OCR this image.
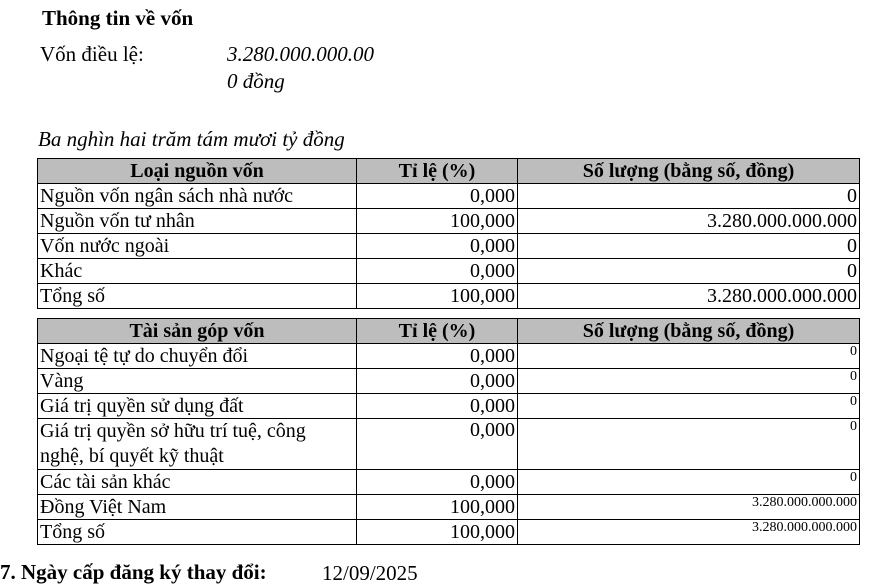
Thông tin về vốn
Vốn điều lệ:	3.280.000.000.00
0 đồng
Ba nghìn hai trăm tám mươi tỷ đồng
Loại nguồn vốn	Tỉ lệ (%)	Số lượng (bằng số, đồng)
Nguồn vốn ngân sách nhà nước	0,000	0
Nguồn vốn tư nhân	100,000	3.280.000.000.000
Vốn nước ngoài	0,000	0
Khác	0,000	0
Tổng số	100,000	3.280.000.000.000
Tài sản góp vốn	Tỉ lệ (%)	Số lượng (bằng số, đồng)
Ngoại tệ tự do chuyển đổi	0,000	0
Vàng	0,000	0
Giá trị quyền sử dụng đất	0,000	0
Giá trị quyền sở hữu trí tuệ, công nghệ, bí quyết kỹ thuật	0,000	0
Các tài sản khác	0,000	0
Đồng Việt Nam	100,000	3.280.000.000.000
Tổng số	100,000	3.280.000.000.000
7. Ngày cấp đăng ký thay đổi:	12/09/2025
